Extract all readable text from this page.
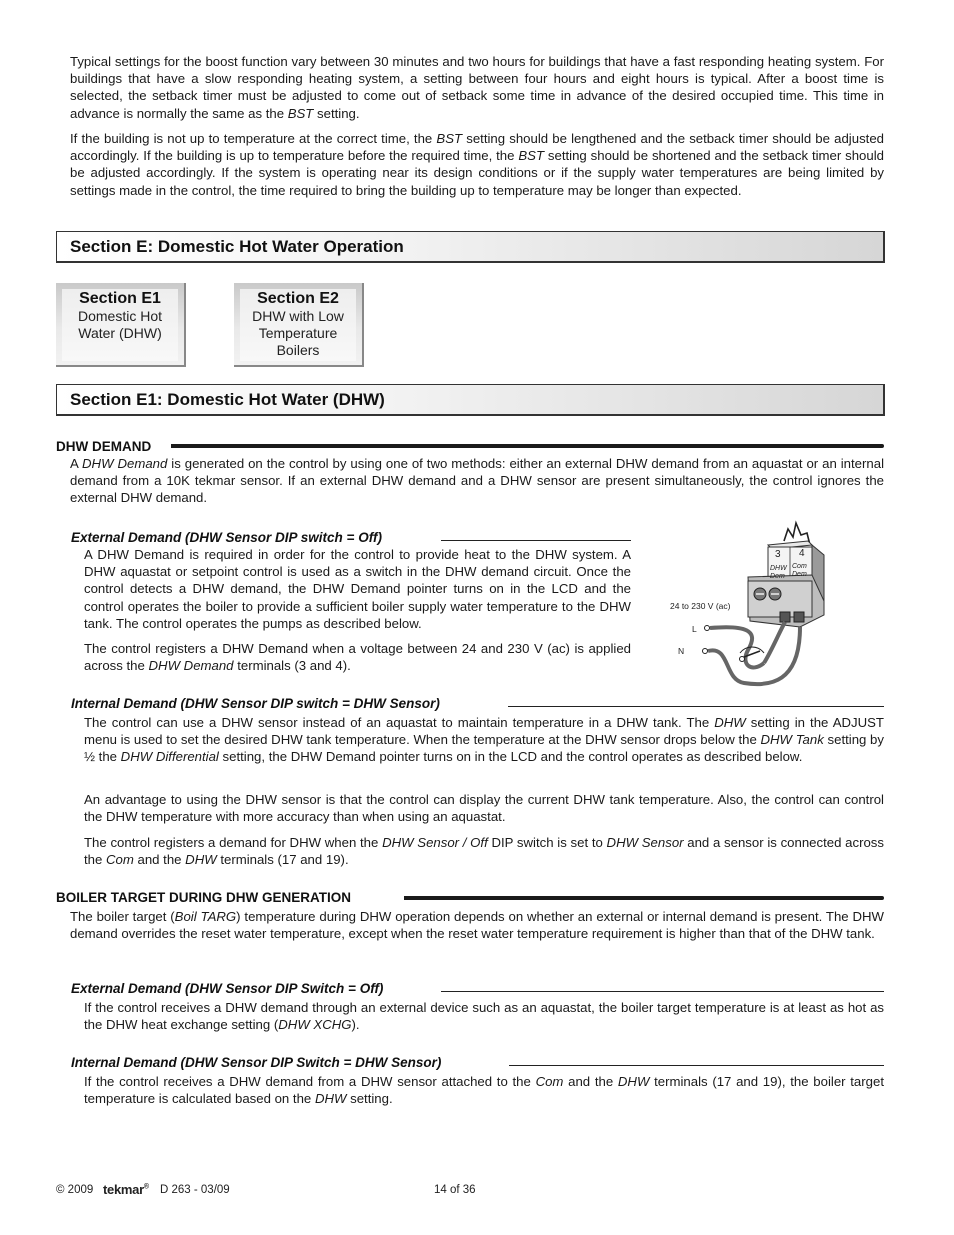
Typical settings for the boost function vary between 30 minutes and two hours for buildings that have a fast responding heating system. For buildings that have a slow responding heating system, a setting between four hours and eight hours is typical. After a boost time is selected, the setback timer must be adjusted to come out of setback some time in advance of the desired occupied time. This time in advance is normally the same as the BST setting.

If the building is not up to temperature at the correct time, the BST setting should be lengthened and the setback timer should be adjusted accordingly. If the building is up to temperature before the required time, the BST setting should be shortened and the setback timer should be adjusted accordingly. If the system is operating near its design conditions or if the supply water temperatures are being limited by settings made in the control, the time required to bring the building up to temperature may be longer than expected.

Section E: Domestic Hot Water Operation
Section E1
Domestic Hot
Water (DHW)
Section E2
DHW with Low
Temperature
Boilers
Section E1: Domestic Hot Water (DHW)
DHW DEMAND

A DHW Demand is generated on the control by using one of two methods: either an external DHW demand from an aquastat or an internal demand from a 10K tekmar sensor. If an external DHW demand and a DHW sensor are present simultaneously, the control ignores the external DHW demand.

External Demand (DHW Sensor DIP switch = Off)

A DHW Demand is required in order for the control to provide heat to the DHW system. A DHW aquastat or setpoint control is used as a switch in the DHW demand circuit. Once the control detects a DHW demand, the DHW Demand pointer turns on in the LCD and the control operates the boiler to provide a sufficient boiler supply water temperature to the DHW tank. The control operates the pumps as described below.

The control registers a DHW Demand when a voltage between 24 and 230 V (ac) is applied across the DHW Demand terminals (3 and 4).

3 4
DHW
Dem
Com
Dem
24 to 230 V (ac)
L
N
Internal Demand (DHW Sensor DIP switch = DHW Sensor)

The control can use a DHW sensor instead of an aquastat to maintain temperature in a DHW tank. The DHW setting in the ADJUST menu is used to set the desired DHW tank temperature. When the temperature at the DHW sensor drops below the DHW Tank setting by ½ the DHW Differential setting, the DHW Demand pointer turns on in the LCD and the control operates as described below.

An advantage to using the DHW sensor is that the control can display the current DHW tank temperature. Also, the control can control the DHW temperature with more accuracy than when using an aquastat.

The control registers a demand for DHW when the DHW Sensor / Off DIP switch is set to DHW Sensor and a sensor is connected across the Com and the DHW terminals (17 and 19).

BOILER TARGET DURING DHW GENERATION

The boiler target (Boil TARG) temperature during DHW operation depends on whether an external or internal demand is present. The DHW demand overrides the reset water temperature, except when the reset water temperature requirement is higher than that of the DHW tank.

External Demand (DHW Sensor DIP Switch = Off)

If the control receives a DHW demand through an external device such as an aquastat, the boiler target temperature is at least as hot as the DHW heat exchange setting (DHW XCHG).

Internal Demand (DHW Sensor DIP Switch = DHW Sensor)

If the control receives a DHW demand from a DHW sensor attached to the Com and the DHW terminals (17 and 19), the boiler target temperature is calculated based on the DHW setting.

© 2009 tekmar® D 263 - 03/09	14 of 36
